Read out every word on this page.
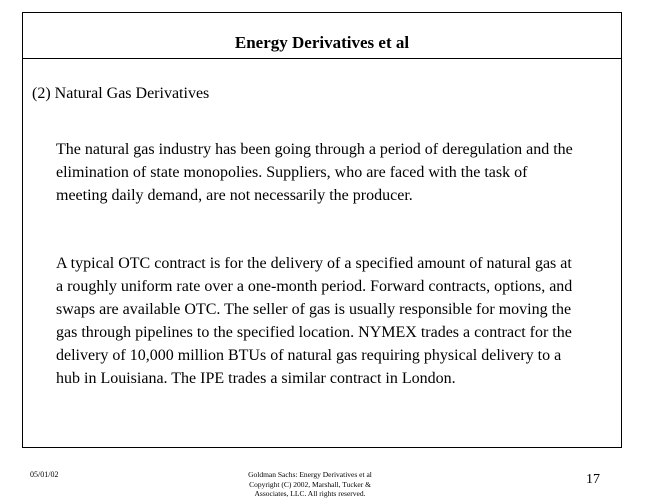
Energy Derivatives et al
(2) Natural Gas Derivatives

The natural gas industry has been going through a period of deregulation and the elimination of state monopolies. Suppliers, who are faced with the task of meeting daily demand, are not necessarily the producer.

A typical OTC contract is for the delivery of a specified amount of natural gas at a roughly uniform rate over a one-month period. Forward contracts, options, and swaps are available OTC. The seller of gas is usually responsible for moving the gas through pipelines to the specified location. NYMEX trades a contract for the delivery of 10,000 million BTUs of natural gas requiring physical delivery to a hub in Louisiana. The IPE trades a similar contract in London.

05/01/02	Goldman Sachs: Energy Derivatives et al
Copyright (C) 2002, Marshall, Tucker &
Associates, LLC. All rights reserved.
17
